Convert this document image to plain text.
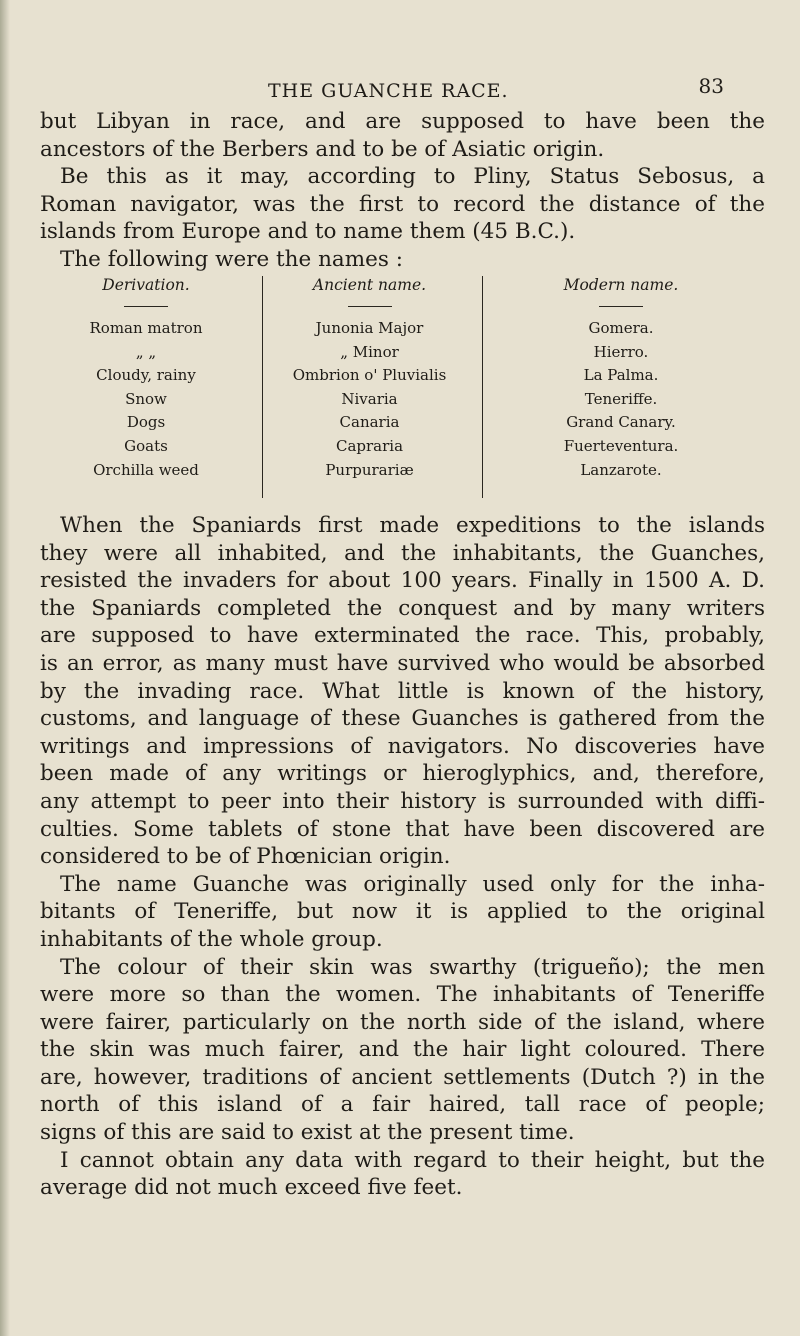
THE GUANCHE RACE.	83
but Libyan in race, and are supposed to have been the
ancestors of the Berbers and to be of Asiatic origin.
Be this as it may, according to Pliny, Status Sebosus, a
Roman navigator, was the first to record the distance of the
islands from Europe and to name them (45 B.C.).
The following were the names :
Derivation.
Roman matron
„ „
Cloudy, rainy
Snow
Dogs
Goats
Orchilla weed
Ancient name.
Junonia Major
„ Minor
Ombrion o' Pluvialis
Nivaria
Canaria
Capraria
Purpurariæ
Modern name.
Gomera.
Hierro.
La Palma.
Teneriffe.
Grand Canary.
Fuerteventura.
Lanzarote.
When the Spaniards first made expeditions to the islands
they were all inhabited, and the inhabitants, the Guanches,
resisted the invaders for about 100 years. Finally in 1500 A. D.
the Spaniards completed the conquest and by many writers
are supposed to have exterminated the race. This, probably,
is an error, as many must have survived who would be absorbed
by the invading race. What little is known of the history,
customs, and language of these Guanches is gathered from the
writings and impressions of navigators. No discoveries have
been made of any writings or hieroglyphics, and, therefore,
any attempt to peer into their history is surrounded with diffi-
culties. Some tablets of stone that have been discovered are
considered to be of Phœnician origin.
The name Guanche was originally used only for the inha-
bitants of Teneriffe, but now it is applied to the original
inhabitants of the whole group.
The colour of their skin was swarthy (trigueño); the men
were more so than the women. The inhabitants of Teneriffe
were fairer, particularly on the north side of the island, where
the skin was much fairer, and the hair light coloured. There
are, however, traditions of ancient settlements (Dutch ?) in the
north of this island of a fair haired, tall race of people;
signs of this are said to exist at the present time.
I cannot obtain any data with regard to their height, but the
average did not much exceed five feet.
